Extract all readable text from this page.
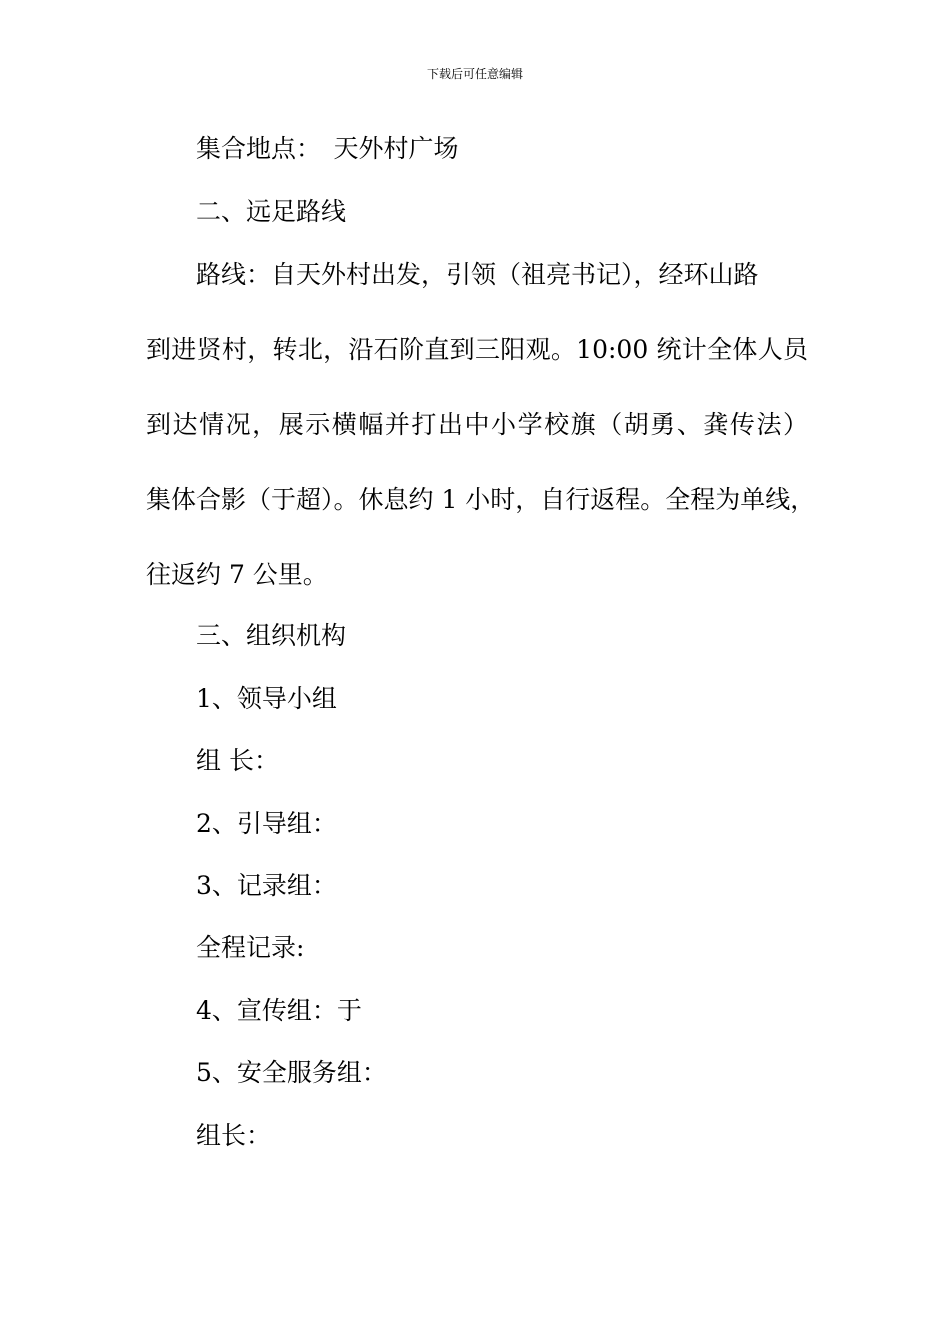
下载后可任意编辑
集合地点：　天外村广场
二、远足路线
路线：自天外村出发，引领（祖亮书记），经环山路
到进贤村，转北，沿石阶直到三阳观。10:00 统计全体人员
到达情况，展示横幅并打出中小学校旗（胡勇、龚传法）
集体合影（于超）。休息约 1 小时，自行返程。全程为单线，
往返约 7 公里。
三、组织机构
1、领导小组
组 长：
2、引导组：
3、记录组：
全程记录:
4、宣传组：于
5、安全服务组：
组长：
